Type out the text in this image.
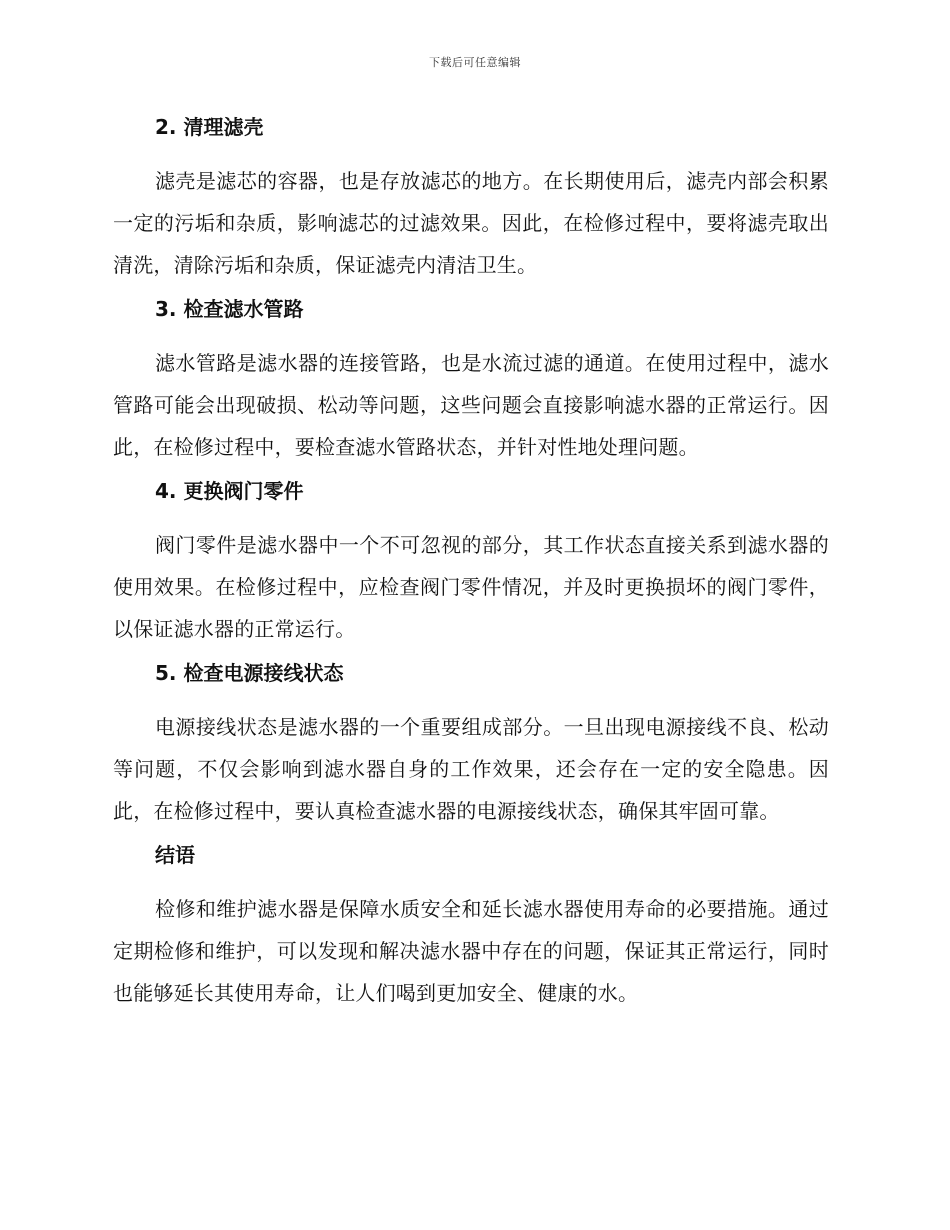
下载后可任意编辑
2. 清理滤壳

滤壳是滤芯的容器，也是存放滤芯的地方。在长期使用后，滤壳内部会积累一定的污垢和杂质，影响滤芯的过滤效果。因此，在检修过程中，要将滤壳取出清洗，清除污垢和杂质，保证滤壳内清洁卫生。

3. 检查滤水管路

滤水管路是滤水器的连接管路，也是水流过滤的通道。在使用过程中，滤水管路可能会出现破损、松动等问题，这些问题会直接影响滤水器的正常运行。因此，在检修过程中，要检查滤水管路状态，并针对性地处理问题。

4. 更换阀门零件

阀门零件是滤水器中一个不可忽视的部分，其工作状态直接关系到滤水器的使用效果。在检修过程中，应检查阀门零件情况，并及时更换损坏的阀门零件，以保证滤水器的正常运行。

5. 检查电源接线状态

电源接线状态是滤水器的一个重要组成部分。一旦出现电源接线不良、松动等问题，不仅会影响到滤水器自身的工作效果，还会存在一定的安全隐患。因此，在检修过程中，要认真检查滤水器的电源接线状态，确保其牢固可靠。

结语

检修和维护滤水器是保障水质安全和延长滤水器使用寿命的必要措施。通过定期检修和维护，可以发现和解决滤水器中存在的问题，保证其正常运行，同时也能够延长其使用寿命，让人们喝到更加安全、健康的水。
